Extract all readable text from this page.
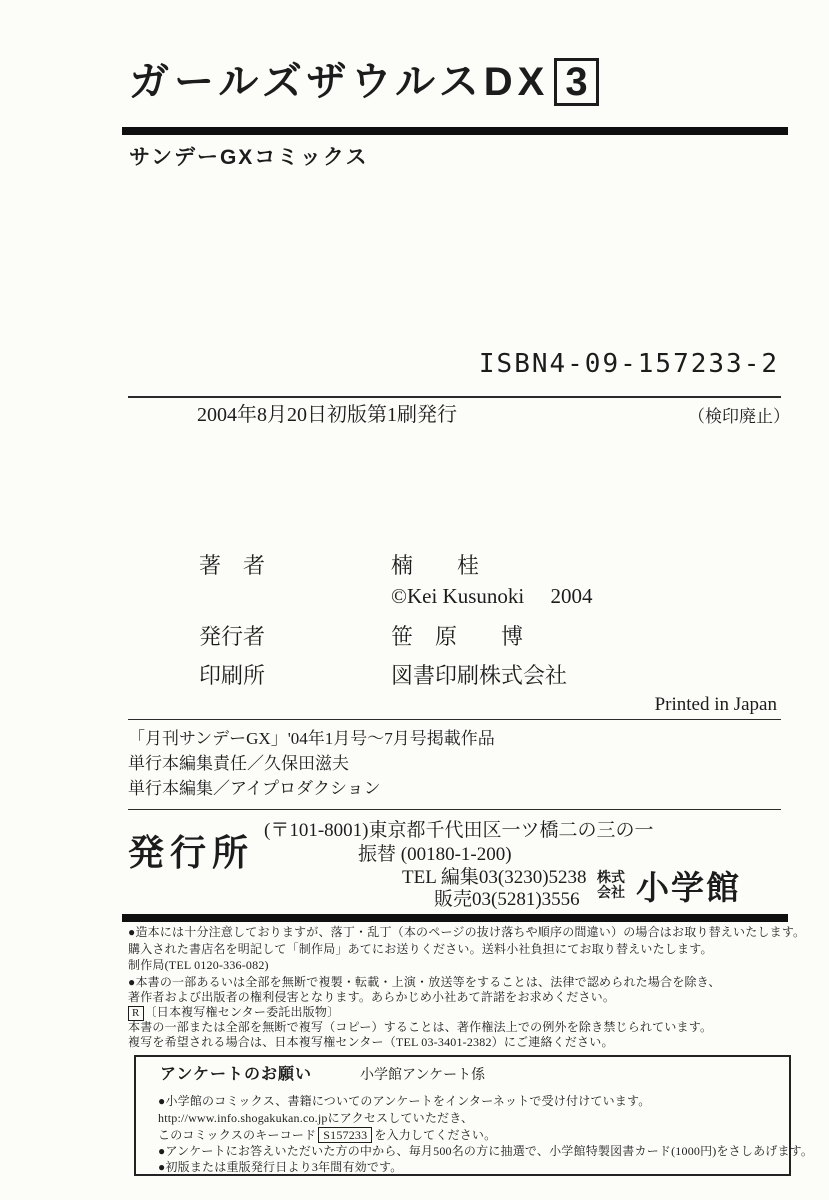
ガールズザウルスDX 3
サンデーGXコミックス
ISBN4-09-157233-2
2004年8月20日初版第1刷発行	（検印廃止）
著　者	楠　　桂
©Kei Kusunoki　 2004
発行者	笹　原　　博
印刷所	図書印刷株式会社
Printed in Japan
「月刊サンデーGX」'04年1月号～7月号掲載作品
単行本編集責任／久保田滋夫
単行本編集／アイプロダクション
発行所
(〒101-8001)東京都千代田区一ツ橋二の三の一
振替 (00180-1-200)
TEL 編集03(3230)5238
販売03(5281)3556
株式
会社 小学館
●造本には十分注意しておりますが、落丁・乱丁（本のページの抜け落ちや順序の間違い）の場合はお取り替えいたします。
購入された書店名を明記して「制作局」あてにお送りください。送料小社負担にてお取り替えいたします。
制作局(TEL 0120-336-082)
●本書の一部あるいは全部を無断で複製・転載・上演・放送等をすることは、法律で認められた場合を除き、
著作者および出版者の権利侵害となります。あらかじめ小社あて許諾をお求めください。
R 〔日本複写権センター委託出版物〕
本書の一部または全部を無断で複写（コピー）することは、著作権法上での例外を除き禁じられています。
複写を希望される場合は、日本複写権センター（TEL 03-3401-2382）にご連絡ください。
アンケートのお願い	小学館アンケート係
●小学館のコミックス、書籍についてのアンケートをインターネットで受け付けています。
http://www.info.shogakukan.co.jpにアクセスしていただき、
このコミックスのキーコード S157233 を入力してください。
●アンケートにお答えいただいた方の中から、毎月500名の方に抽選で、小学館特製図書カード(1000円)をさしあげます。
●初版または重版発行日より3年間有効です。
